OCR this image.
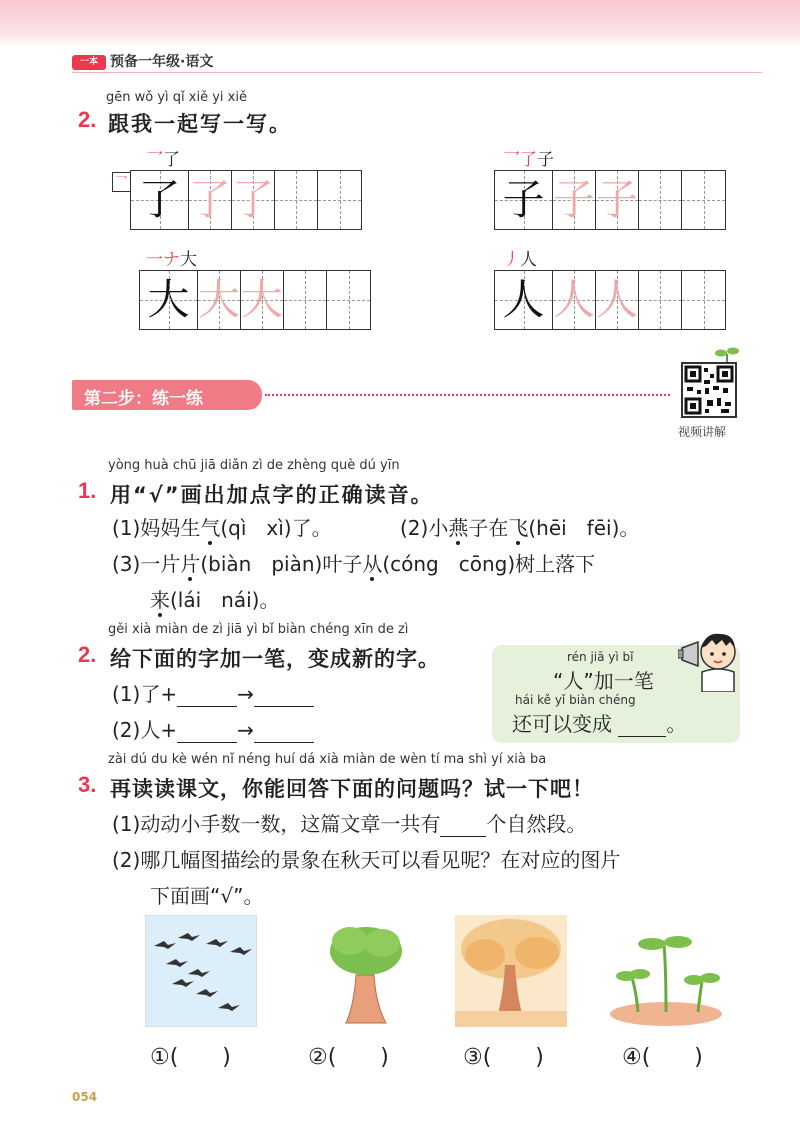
一本 预备一年级·语文
gēn wǒ yì qǐ xiě yi xiě
2. 跟我一起写一写。
乛了
乛 了 了 了
乛了子
子 子 子
一ナ大
大 大 大
丿人
人 人 人
第二步：练一练
视频讲解
yòng huà chū jiā diǎn zì de zhèng què dú yīn
1. 用“√”画出加点字的正确读音。
(1)妈妈生气(qì　xì)了。	(2)小燕子在飞(hēi　fēi)。
(3)一片片(biàn　piàn)叶子从(cóng　cōng)树上落下
来(lái　nái)。
gěi xià miàn de zì jiā yì bǐ biàn chéng xīn de zì
2. 给下面的字加一笔，变成新的字。
(1)了+	→
(2)人+	→
rén jiā yì bǐ
“人”加一笔
hái kě yǐ biàn chéng
还可以变成	。
zài dú du kè wén nǐ néng huí dá xià miàn de wèn tí ma shì yí xià ba
3. 再读读课文，你能回答下面的问题吗？试一下吧！
(1)动动小手数一数，这篇文章一共有 个自然段。
(2)哪几幅图描绘的景象在秋天可以看见呢？在对应的图片
下面画“√”。
①(　　)	②(　　)	③(　　)	④(　　)
054
